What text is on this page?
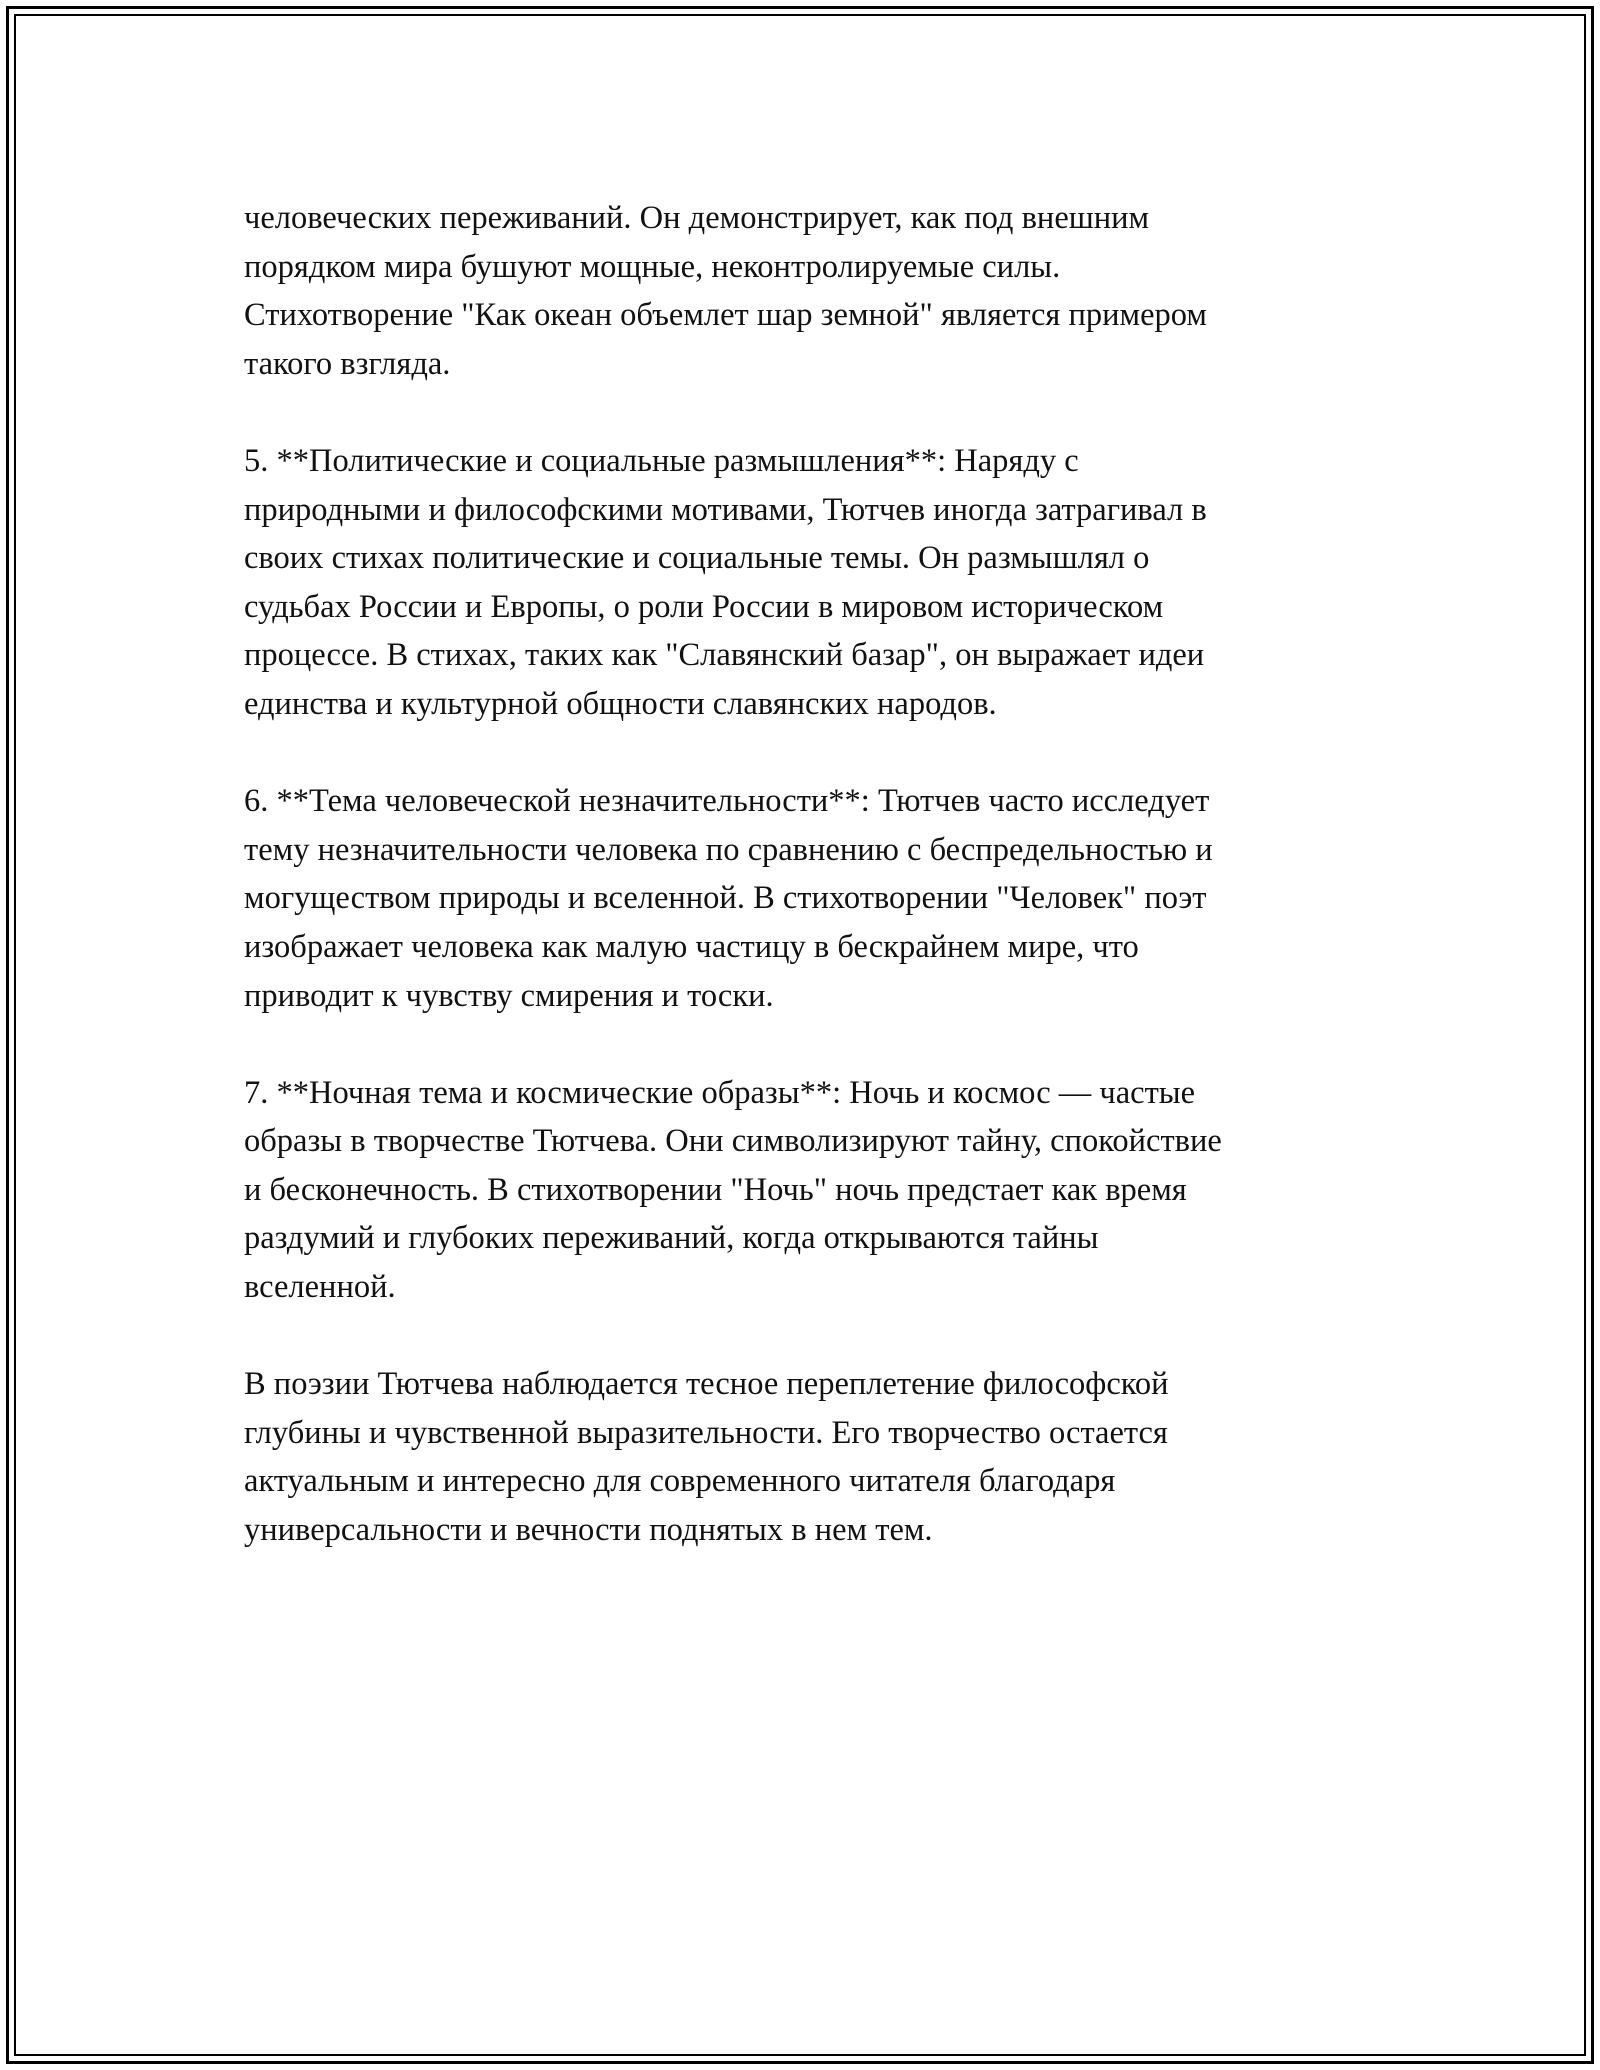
человеческих переживаний. Он демонстрирует, как под внешним
порядком мира бушуют мощные, неконтролируемые силы.
Стихотворение "Как океан объемлет шар земной" является примером
такого взгляда.

5. **Политические и социальные размышления**: Наряду с
природными и философскими мотивами, Тютчев иногда затрагивал в
своих стихах политические и социальные темы. Он размышлял о
судьбах России и Европы, о роли России в мировом историческом
процессе. В стихах, таких как "Славянский базар", он выражает идеи
единства и культурной общности славянских народов.

6. **Тема человеческой незначительности**: Тютчев часто исследует
тему незначительности человека по сравнению с беспредельностью и
могуществом природы и вселенной. В стихотворении "Человек" поэт
изображает человека как малую частицу в бескрайнем мире, что
приводит к чувству смирения и тоски.

7. **Ночная тема и космические образы**: Ночь и космос — частые
образы в творчестве Тютчева. Они символизируют тайну, спокойствие
и бесконечность. В стихотворении "Ночь" ночь предстает как время
раздумий и глубоких переживаний, когда открываются тайны
вселенной.

В поэзии Тютчева наблюдается тесное переплетение философской
глубины и чувственной выразительности. Его творчество остается
актуальным и интересно для современного читателя благодаря
универсальности и вечности поднятых в нем тем.
